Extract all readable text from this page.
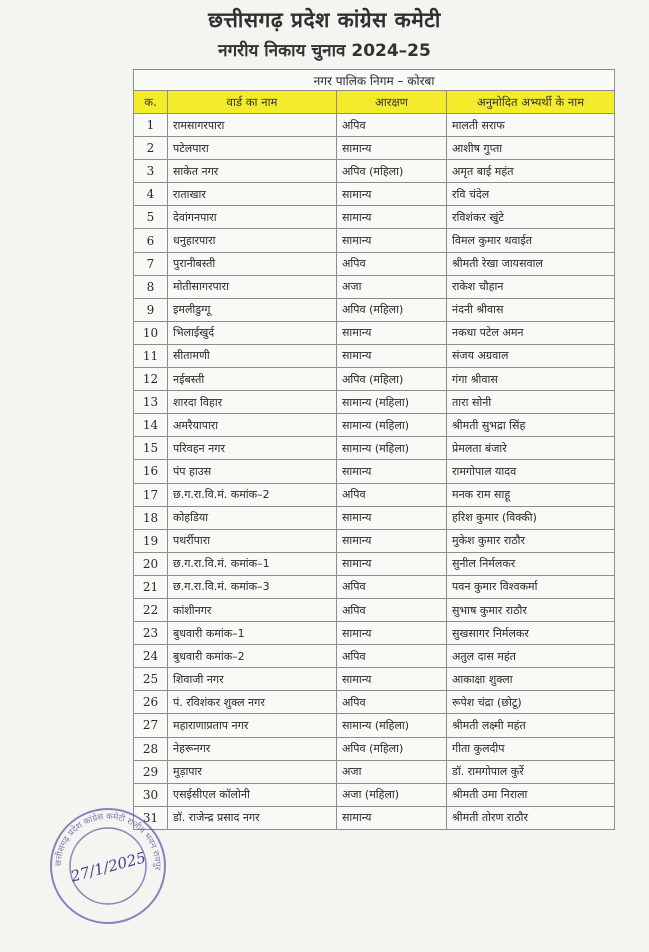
छत्तीसगढ़ प्रदेश कांग्रेस कमेटी
नगरीय निकाय चुनाव 2024–25
नगर पालिक निगम – कोरबा			
क.	वार्ड का नाम	आरक्षण	अनुमोदित अभ्यर्थी के नाम
1	रामसागरपारा	अपिव	मालती सराफ
2	पटेलपारा	सामान्य	आशीष गुप्ता
3	साकेत नगर	अपिव (महिला)	अमृत बाई महंत
4	राताखार	सामान्य	रवि चंदेल
5	देवांगनपारा	सामान्य	रविशंकर खुंटे
6	धनुहारपारा	सामान्य	विमल कुमार थवाईत
7	पुरानीबस्ती	अपिव	श्रीमती रेखा जायसवाल
8	मोतीसागरपारा	अजा	राकेश चौहान
9	इमलीडुग्गू	अपिव (महिला)	नंदनी श्रीवास
10	भिलाईखुर्द	सामान्य	नकधा पटेल अमन
11	सीतामणी	सामान्य	संजय अग्रवाल
12	नईबस्ती	अपिव (महिला)	गंगा श्रीवास
13	शारदा विहार	सामान्य (महिला)	तारा सोनी
14	अमरैयापारा	सामान्य (महिला)	श्रीमती सुभद्रा सिंह
15	परिवहन नगर	सामान्य (महिला)	प्रेमलता बंजारे
16	पंप हाउस	सामान्य	रामगोपाल यादव
17	छ.ग.रा.वि.मं. कमांक–2	अपिव	मनक राम साहू
18	कोहडिया	सामान्य	हरिश कुमार (विक्की)
19	पथर्रीपारा	सामान्य	मुकेश कुमार राठौर
20	छ.ग.रा.वि.मं. कमांक–1	सामान्य	सुनील निर्मलकर
21	छ.ग.रा.वि.मं. कमांक–3	अपिव	पवन कुमार विश्वकर्मा
22	कांशीनगर	अपिव	सुभाष कुमार राठौर
23	बुधवारी कमांक–1	सामान्य	सुखसागर निर्मलकर
24	बुधवारी कमांक–2	अपिव	अतुल दास महंत
25	शिवाजी नगर	सामान्य	आकाक्षा शुक्ला
26	पं. रविशंकर शुक्ल नगर	अपिव	रूपेश चंद्रा (छोटू)
27	महाराणाप्रताप नगर	सामान्य (महिला)	श्रीमती लक्ष्मी महंत
28	नेहरूनगर	अपिव (महिला)	गीता कुलदीप
29	मुड़ापार	अजा	डॉ. रामगोपाल कुर्रे
30	एसईसीएल कॉलोनी	अजा (महिला)	श्रीमती उमा निराला
31	डॉ. राजेन्द्र प्रसाद नगर	सामान्य	श्रीमती तोरण राठौर
छत्तीसगढ़ प्रदेश कांग्रेस कमेटी राजीव भवन रायपुर
27/1/2025
